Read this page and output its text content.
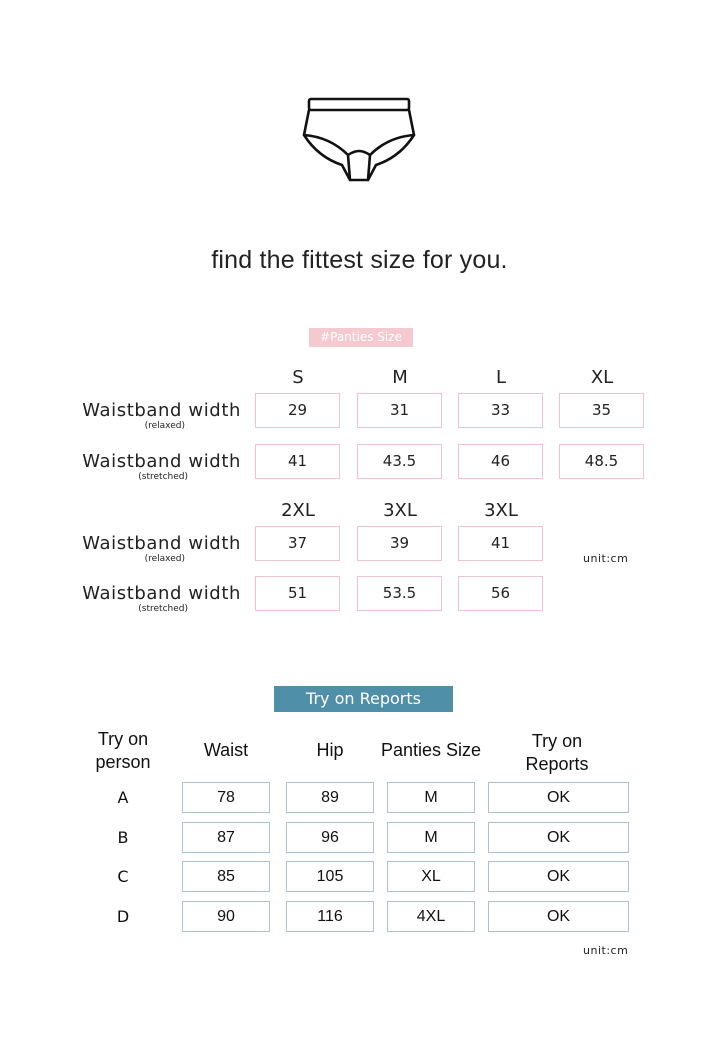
find the fittest size for you.
#Panties Size
S	M	L	XL
Waistband width
(relaxed)
29	31	33	35
Waistband width
(stretched)
41	43.5	46	48.5
2XL	3XL	3XL
Waistband width
(relaxed)
37	39	41
unit:cm
Waistband width
(stretched)
51	53.5	56
Try on Reports
Try on
person
Waist	Hip	Panties Size	Try on
Reports
A	78	89	M	OK
B	87	96	M	OK
C	85	105	XL	OK
D	90	116	4XL	OK
unit:cm
